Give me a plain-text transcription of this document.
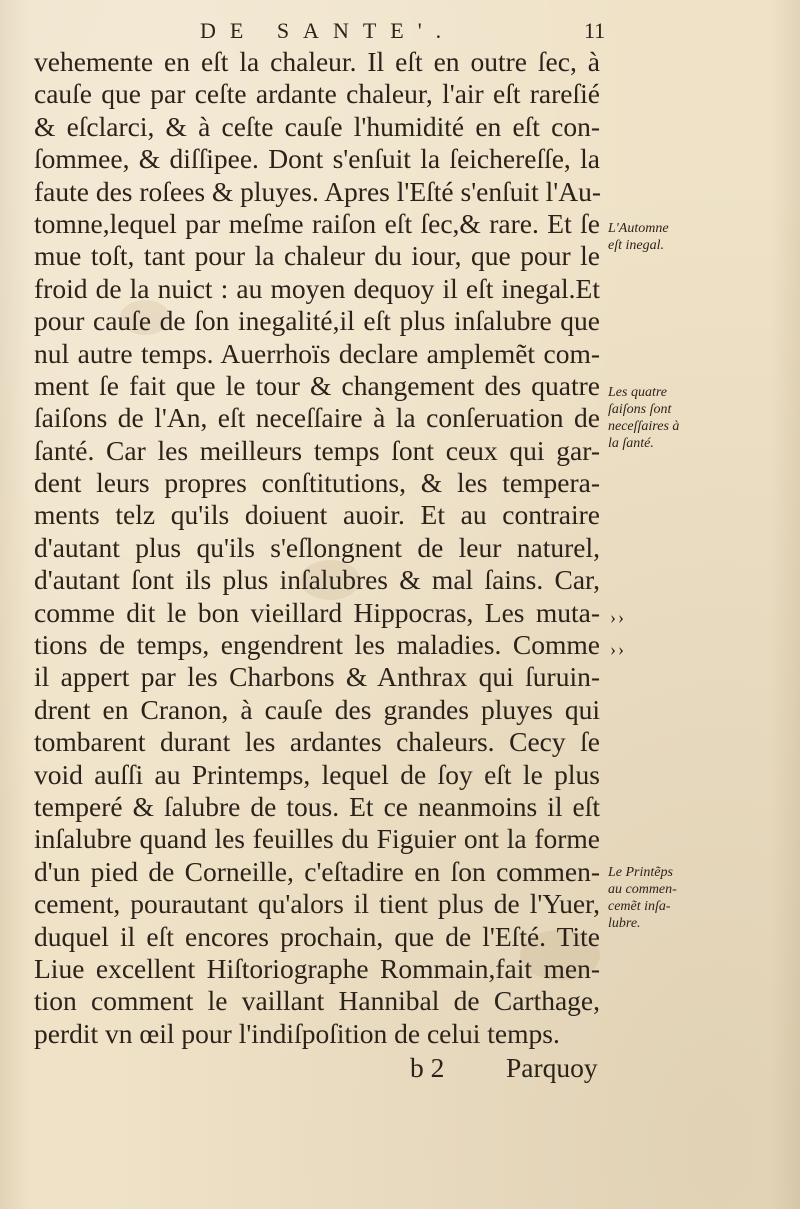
DE SANTE'.	11
vehemente en eſt la chaleur. Il eſt en outre ſec, à
cauſe que par ceſte ardante chaleur, l'air eſt rareſié
& eſclarci, & à ceſte cauſe l'humidité en eſt con-
ſommee, & diſſipee. Dont s'enſuit la ſeichereſſe, la
faute des roſees & pluyes. Apres l'Eſté s'enſuit l'Au-
tomne,lequel par meſme raiſon eſt ſec,& rare. Et ſe
mue toſt, tant pour la chaleur du iour, que pour le
froid de la nuict : au moyen dequoy il eſt inegal.Et
pour cauſe de ſon inegalité,il eſt plus inſalubre que
nul autre temps. Auerrhoïs declare amplemẽt com-
ment ſe fait que le tour & changement des quatre
ſaiſons de l'An, eſt neceſſaire à la conſeruation de
ſanté. Car les meilleurs temps ſont ceux qui gar-
dent leurs propres conſtitutions, & les tempera-
ments telz qu'ils doiuent auoir. Et au contraire
d'autant plus qu'ils s'eſlongnent de leur naturel,
d'autant ſont ils plus inſalubres & mal ſains. Car,
comme dit le bon vieillard Hippocras, Les muta-
tions de temps, engendrent les maladies. Comme
il appert par les Charbons & Anthrax qui ſuruin-
drent en Cranon, à cauſe des grandes pluyes qui
tombarent durant les ardantes chaleurs. Cecy ſe
void auſſi au Printemps, lequel de ſoy eſt le plus
temperé & ſalubre de tous. Et ce neanmoins il eſt
inſalubre quand les feuilles du Figuier ont la forme
d'un pied de Corneille, c'eſtadire en ſon commen-
cement, pourautant qu'alors il tient plus de l'Yuer,
duquel il eſt encores prochain, que de l'Eſté. Tite
Liue excellent Hiſtoriographe Rommain,fait men-
tion comment le vaillant Hannibal de Carthage,
perdit vn œil pour l'indiſpoſition de celui temps.
b 2 Parquoy
L'Automne
eſt inegal.
Les quatre
ſaiſons ſont
neceſſaires à
la ſanté.
››
››
Le Printẽps
au commen-
cemẽt inſa-
lubre.
